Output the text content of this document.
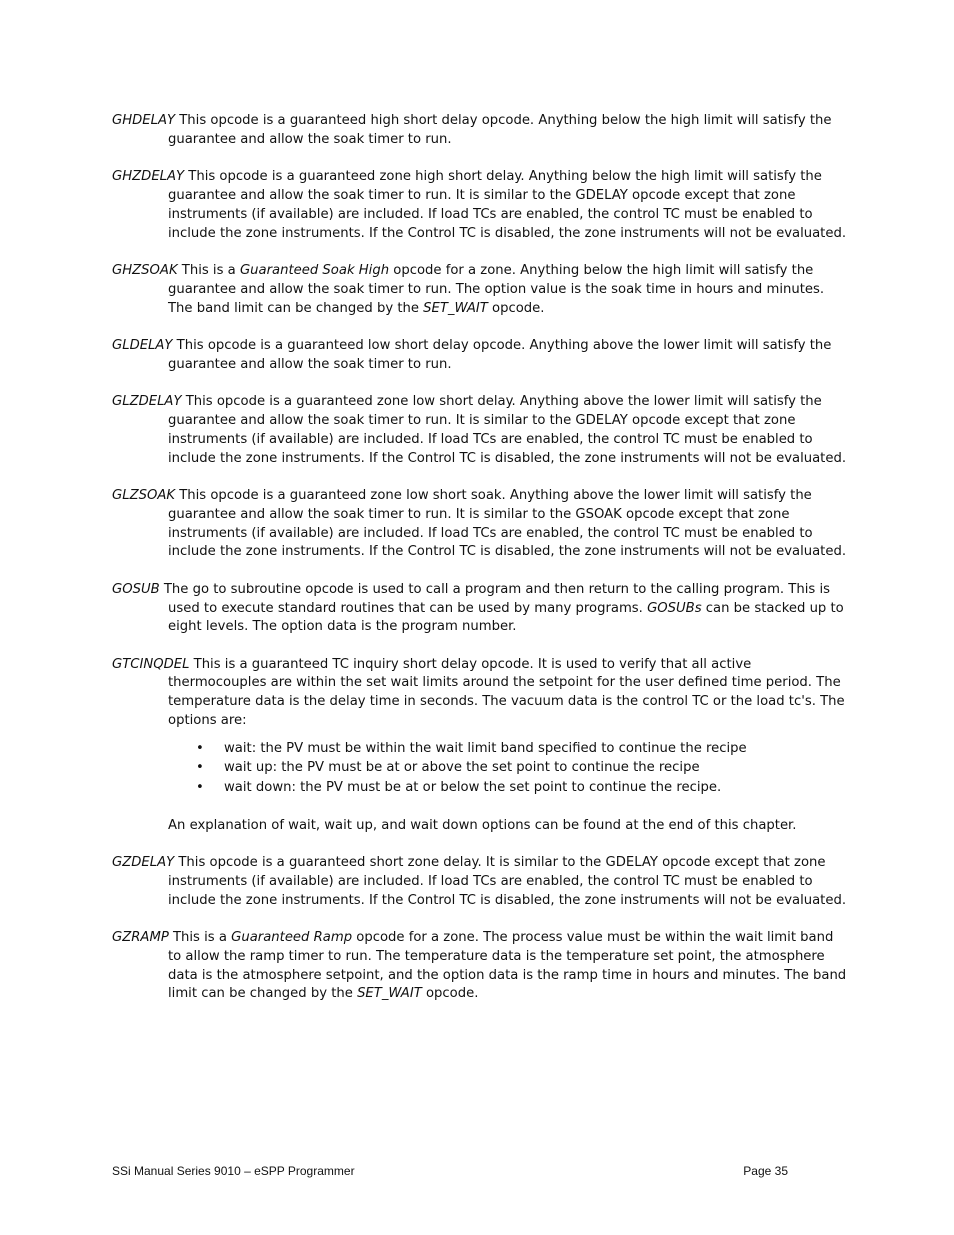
GHDELAY This opcode is a guaranteed high short delay opcode. Anything below the high limit will satisfy the guarantee and allow the soak timer to run.

GHZDELAY This opcode is a guaranteed zone high short delay. Anything below the high limit will satisfy the guarantee and allow the soak timer to run. It is similar to the GDELAY opcode except that zone instruments (if available) are included. If load TCs are enabled, the control TC must be enabled to include the zone instruments. If the Control TC is disabled, the zone instruments will not be evaluated.

GHZSOAK This is a Guaranteed Soak High opcode for a zone. Anything below the high limit will satisfy the guarantee and allow the soak timer to run. The option value is the soak time in hours and minutes. The band limit can be changed by the SET_WAIT opcode.

GLDELAY This opcode is a guaranteed low short delay opcode. Anything above the lower limit will satisfy the guarantee and allow the soak timer to run.

GLZDELAY This opcode is a guaranteed zone low short delay. Anything above the lower limit will satisfy the guarantee and allow the soak timer to run. It is similar to the GDELAY opcode except that zone instruments (if available) are included. If load TCs are enabled, the control TC must be enabled to include the zone instruments. If the Control TC is disabled, the zone instruments will not be evaluated.

GLZSOAK This opcode is a guaranteed zone low short soak. Anything above the lower limit will satisfy the guarantee and allow the soak timer to run. It is similar to the GSOAK opcode except that zone instruments (if available) are included. If load TCs are enabled, the control TC must be enabled to include the zone instruments. If the Control TC is disabled, the zone instruments will not be evaluated.

GOSUB The go to subroutine opcode is used to call a program and then return to the calling program. This is used to execute standard routines that can be used by many programs. GOSUBs can be stacked up to eight levels. The option data is the program number.

GTCINQDEL This is a guaranteed TC inquiry short delay opcode. It is used to verify that all active thermocouples are within the set wait limits around the setpoint for the user defined time period. The temperature data is the delay time in seconds. The vacuum data is the control TC or the load tc's. The options are:

• wait: the PV must be within the wait limit band specified to continue the recipe
• wait up: the PV must be at or above the set point to continue the recipe
• wait down: the PV must be at or below the set point to continue the recipe.

An explanation of wait, wait up, and wait down options can be found at the end of this chapter.

GZDELAY This opcode is a guaranteed short zone delay. It is similar to the GDELAY opcode except that zone instruments (if available) are included. If load TCs are enabled, the control TC must be enabled to include the zone instruments. If the Control TC is disabled, the zone instruments will not be evaluated.

GZRAMP This is a Guaranteed Ramp opcode for a zone. The process value must be within the wait limit band to allow the ramp timer to run. The temperature data is the temperature set point, the atmosphere data is the atmosphere setpoint, and the option data is the ramp time in hours and minutes. The band limit can be changed by the SET_WAIT opcode.

SSi Manual Series 9010 – eSPP Programmer	Page 35
